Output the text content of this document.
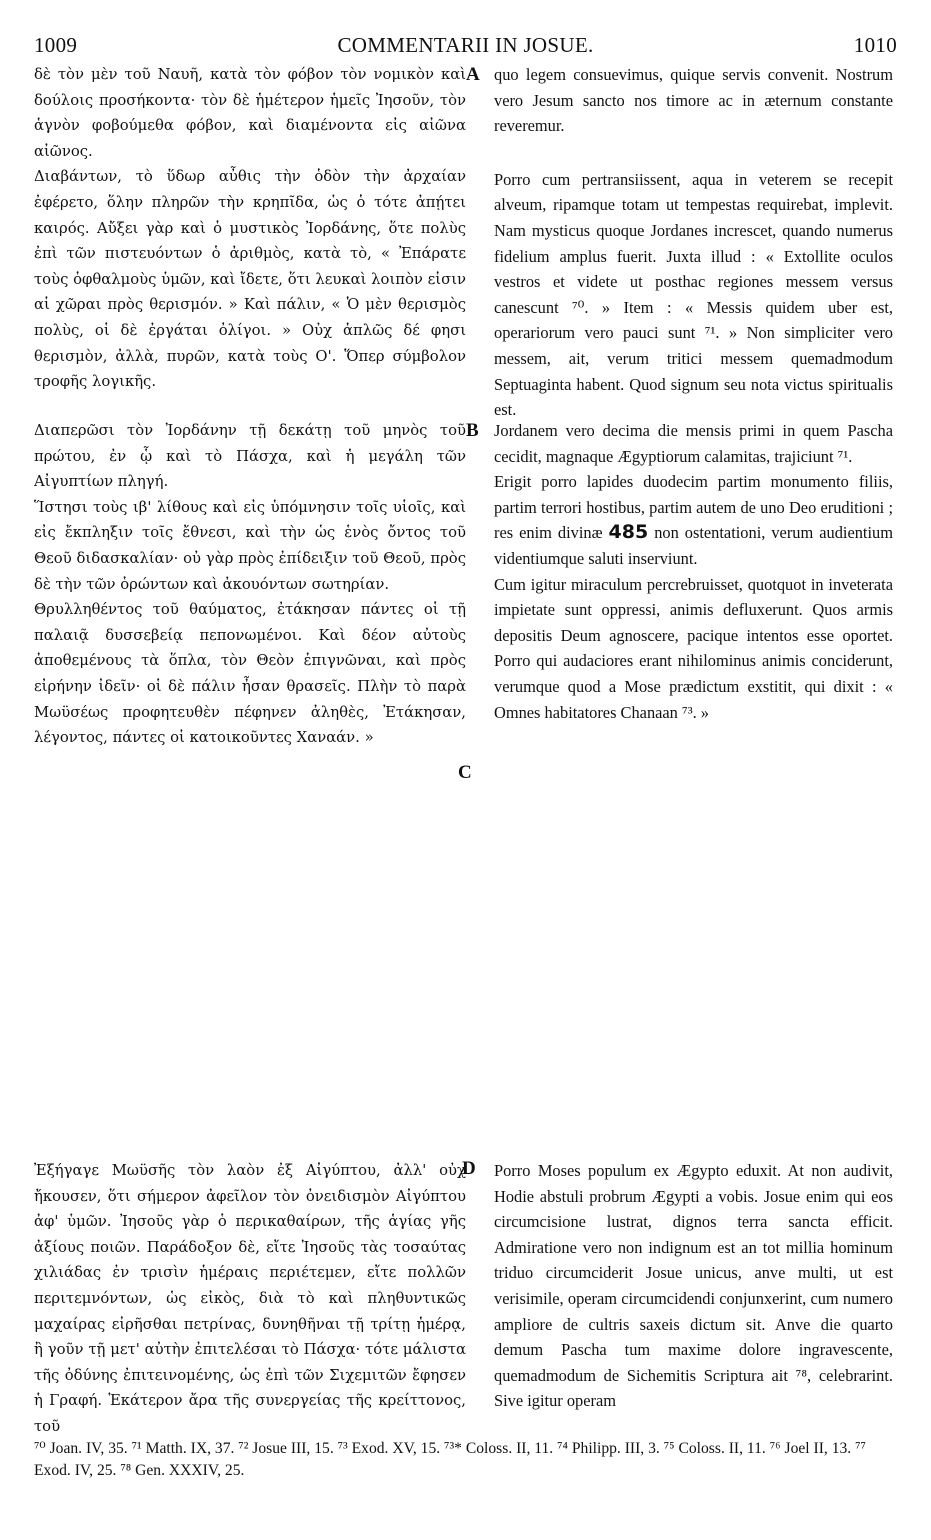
1009	COMMENTARII IN JOSUE.	1010

δὲ τὸν μὲν τοῦ Ναυῆ, κατὰ τὸν φόβον τὸν νομικὸν καὶ δούλοις προσήκοντα· τὸν δὲ ἡμέτερον ἡμεῖς Ἰησοῦν, τὸν ἁγνὸν φοβούμεθα φόβον, καὶ διαμένοντα εἰς αἰῶνα αἰῶνος.

Διαβάντων, τὸ ὕδωρ αὖθις τὴν ὁδὸν τὴν ἀρχαίαν ἐφέρετο, ὅλην πληρῶν τὴν κρηπῖδα, ὡς ὁ τότε ἀπῄτει καιρός. Αὔξει γὰρ καὶ ὁ μυστικὸς Ἰορδάνης, ὅτε πολὺς ἐπὶ τῶν πιστευόντων ὁ ἀριθμὸς, κατὰ τὸ, « Ἐπάρατε τοὺς ὀφθαλμοὺς ὑμῶν, καὶ ἴδετε, ὅτι λευκαὶ λοιπὸν εἰσιν αἱ χῶραι πρὸς θερισμόν. » Καὶ πάλιν, « Ὁ μὲν θερισμὸς πολὺς, οἱ δὲ ἐργάται ὀλίγοι. » Οὐχ ἁπλῶς δέ φησι θερισμὸν, ἀλλὰ, πυρῶν, κατὰ τοὺς Ο'. Ὅπερ σύμβολον τροφῆς λογικῆς.

quo legem consuevimus, quique servis convenit. Nostrum vero Jesum sancto nos timore ac in æternum constante reveremur.

Porro cum pertransiissent, aqua in veterem se recepit alveum, ripamque totam ut tempestas requirebat, implevit. Nam mysticus quoque Jordanes increscet, quando numerus fidelium amplus fuerit. Juxta illud : « Extollite oculos vestros et videte ut posthac regiones messem versus canescunt ⁷⁰. » Item : « Messis quidem uber est, operariorum vero pauci sunt ⁷¹. » Non simpliciter vero messem, ait, verum tritici messem quemadmodum Septuaginta habent. Quod signum seu nota victus spiritualis est.

A

Διαπερῶσι τὸν Ἰορδάνην τῇ δεκάτῃ τοῦ μηνὸς τοῦ πρώτου, ἐν ᾧ καὶ τὸ Πάσχα, καὶ ἡ μεγάλη τῶν Αἰγυπτίων πληγή.

Ἵστησι τοὺς ιβ' λίθους καὶ εἰς ὑπόμνησιν τοῖς υἱοῖς, καὶ εἰς ἔκπληξιν τοῖς ἔθνεσι, καὶ τὴν ὡς ἑνὸς ὄντος τοῦ Θεοῦ διδασκαλίαν· οὐ γὰρ πρὸς ἐπίδειξιν τοῦ Θεοῦ, πρὸς δὲ τὴν τῶν ὁρώντων καὶ ἀκουόντων σωτηρίαν.

Θρυλληθέντος τοῦ θαύματος, ἐτάκησαν πάντες οἱ τῇ παλαιᾷ δυσσεβείᾳ πεπονωμένοι. Καὶ δέον αὐτοὺς ἀποθεμένους τὰ ὅπλα, τὸν Θεὸν ἐπιγνῶναι, καὶ πρὸς εἰρήνην ἰδεῖν· οἱ δὲ πάλιν ἦσαν θρασεῖς. Πλὴν τὸ παρὰ Μωϋσέως προφητευθὲν πέφηνεν ἀληθὲς, Ἐτάκησαν, λέγοντος, πάντες οἱ κατοικοῦντες Χαναάν. »

Jordanem vero decima die mensis primi in quem Pascha cecidit, magnaque Ægyptiorum calamitas, trajiciunt ⁷¹.

Erigit porro lapides duodecim partim monumento filiis, partim terrori hostibus, partim autem de uno Deo eruditioni ; res enim divinæ 485 non ostentationi, verum audientium videntiumque saluti inserviunt.

Cum igitur miraculum percrebruisset, quotquot in inveterata impietate sunt oppressi, animis defluxerunt. Quos armis depositis Deum agnoscere, pacique intentos esse oportet. Porro qui audaciores erant nihilominus animis conciderunt, verumque quod a Mose prædictum exstitit, qui dixit : « Omnes habitatores Chanaan ⁷³. »

B
C

Ἐξήγαγε Μωϋσῆς τὸν λαὸν ἐξ Αἰγύπτου, ἀλλ' οὐχ ἤκουσεν, ὅτι σήμερον ἀφεῖλον τὸν ὀνειδισμὸν Αἰγύπτου ἀφ' ὑμῶν. Ἰησοῦς γὰρ ὁ περικαθαίρων, τῆς ἁγίας γῆς ἀξίους ποιῶν. Παράδοξον δὲ, εἴτε Ἰησοῦς τὰς τοσαύτας χιλιάδας ἐν τρισὶν ἡμέραις περιέτεμεν, εἴτε πολλῶν περιτεμνόντων, ὡς εἰκὸς, διὰ τὸ καὶ πληθυντικῶς μαχαίρας εἰρῆσθαι πετρίνας, δυνηθῆναι τῇ τρίτῃ ἡμέρᾳ, ἢ γοῦν τῇ μετ' αὐτὴν ἐπιτελέσαι τὸ Πάσχα· τότε μάλιστα τῆς ὀδύνης ἐπιτεινομένης, ὡς ἐπὶ τῶν Σιχεμιτῶν ἔφησεν ἡ Γραφή. Ἑκάτερον ἄρα τῆς συνεργείας τῆς κρείττονος, τοῦ

Porro Moses populum ex Ægypto eduxit. At non audivit, Hodie abstuli probrum Ægypti a vobis. Josue enim qui eos circumcisione lustrat, dignos terra sancta efficit. Admiratione vero non indignum est an tot millia hominum triduo circumciderit Josue unicus, anve multi, ut est verisimile, operam circumcidendi conjunxerint, cum numero ampliore de cultris saxeis dictum sit. Anve die quarto demum Pascha tum maxime dolore ingravescente, quemadmodum de Sichemitis Scriptura ait ⁷⁸, celebrarint. Sive igitur operam

D
⁷⁰ Joan. IV, 35. ⁷¹ Matth. IX, 37. ⁷² Josue III, 15. ⁷³ Exod. XV, 15. ⁷³* Coloss. II, 11. ⁷⁴ Philipp. III, 3. ⁷⁵ Coloss. II, 11. ⁷⁶ Joel II, 13. ⁷⁷ Exod. IV, 25. ⁷⁸ Gen. XXXIV, 25.
